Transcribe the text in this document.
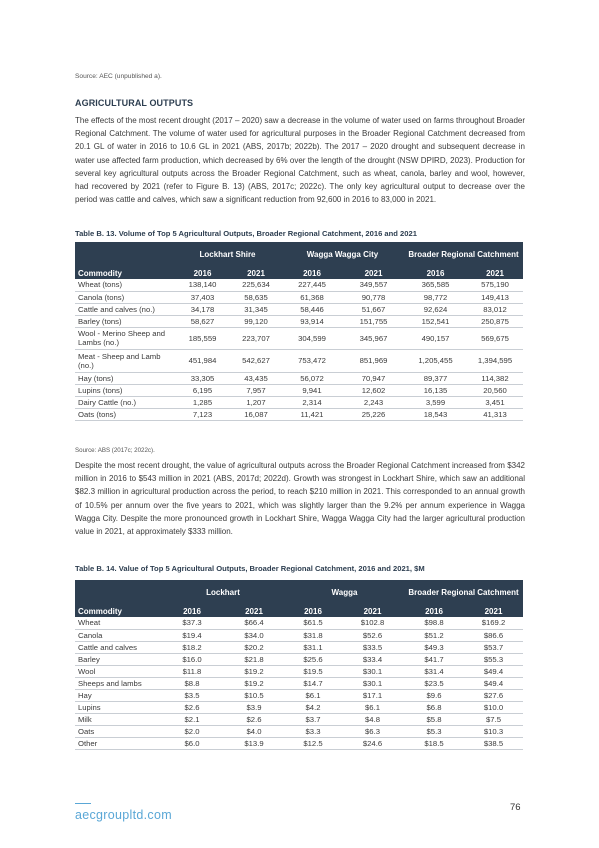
Source: AEC (unpublished a).
AGRICULTURAL OUTPUTS
The effects of the most recent drought (2017 – 2020) saw a decrease in the volume of water used on farms throughout Broader Regional Catchment. The volume of water used for agricultural purposes in the Broader Regional Catchment decreased from 20.1 GL of water in 2016 to 10.6 GL in 2021 (ABS, 2017b; 2022b). The 2017 – 2020 drought and subsequent decrease in water use affected farm production, which decreased by 6% over the length of the drought (NSW DPIRD, 2023). Production for several key agricultural outputs across the Broader Regional Catchment, such as wheat, canola, barley and wool, however, had recovered by 2021 (refer to Figure B. 13) (ABS, 2017c; 2022c). The only key agricultural output to decrease over the period was cattle and calves, which saw a significant reduction from 92,600 in 2016 to 83,000 in 2021.
Table B. 13. Volume of Top 5 Agricultural Outputs, Broader Regional Catchment, 2016 and 2021
	Lockhart Shire		Wagga Wagga City		Broader Regional Catchment	
Commodity	2016	2021	2016	2021	2016	2021
Wheat (tons)	138,140	225,634	227,445	349,557	365,585	575,190
Canola (tons)	37,403	58,635	61,368	90,778	98,772	149,413
Cattle and calves (no.)	34,178	31,345	58,446	51,667	92,624	83,012
Barley (tons)	58,627	99,120	93,914	151,755	152,541	250,875
Wool - Merino Sheep and Lambs (no.)	185,559	223,707	304,599	345,967	490,157	569,675
Meat - Sheep and Lamb (no.)	451,984	542,627	753,472	851,969	1,205,455	1,394,595
Hay (tons)	33,305	43,435	56,072	70,947	89,377	114,382
Lupins (tons)	6,195	7,957	9,941	12,602	16,135	20,560
Dairy Cattle (no.)	1,285	1,207	2,314	2,243	3,599	3,451
Oats (tons)	7,123	16,087	11,421	25,226	18,543	41,313
Source: ABS (2017c; 2022c).
Despite the most recent drought, the value of agricultural outputs across the Broader Regional Catchment increased from $342 million in 2016 to $543 million in 2021 (ABS, 2017d; 2022d). Growth was strongest in Lockhart Shire, which saw an additional $82.3 million in agricultural production across the period, to reach $210 million in 2021. This corresponded to an annual growth of 10.5% per annum over the five years to 2021, which was slightly larger than the 9.2% per annum experience in Wagga Wagga City. Despite the more pronounced growth in Lockhart Shire, Wagga Wagga City had the larger agricultural production value in 2021, at approximately $333 million.
Table B. 14. Value of Top 5 Agricultural Outputs, Broader Regional Catchment, 2016 and 2021, $M
	Lockhart		Wagga		Broader Regional Catchment	
Commodity	2016	2021	2016	2021	2016	2021
Wheat	$37.3	$66.4	$61.5	$102.8	$98.8	$169.2
Canola	$19.4	$34.0	$31.8	$52.6	$51.2	$86.6
Cattle and calves	$18.2	$20.2	$31.1	$33.5	$49.3	$53.7
Barley	$16.0	$21.8	$25.6	$33.4	$41.7	$55.3
Wool	$11.8	$19.2	$19.5	$30.1	$31.4	$49.4
Sheeps and lambs	$8.8	$19.2	$14.7	$30.1	$23.5	$49.4
Hay	$3.5	$10.5	$6.1	$17.1	$9.6	$27.6
Lupins	$2.6	$3.9	$4.2	$6.1	$6.8	$10.0
Milk	$2.1	$2.6	$3.7	$4.8	$5.8	$7.5
Oats	$2.0	$4.0	$3.3	$6.3	$5.3	$10.3
Other	$6.0	$13.9	$12.5	$24.6	$18.5	$38.5
aecgroupltd.com
76
